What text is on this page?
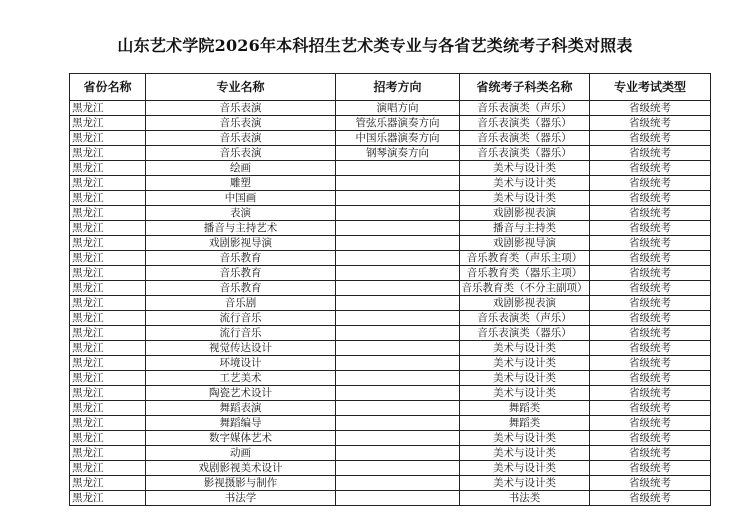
山东艺术学院2026年本科招生艺术类专业与各省艺类统考子科类对照表
省份名称	专业名称	招考方向	省统考子科类名称	专业考试类型
黑龙江	音乐表演	演唱方向	音乐表演类（声乐）	省级统考
黑龙江	音乐表演	管弦乐器演奏方向	音乐表演类（器乐）	省级统考
黑龙江	音乐表演	中国乐器演奏方向	音乐表演类（器乐）	省级统考
黑龙江	音乐表演	钢琴演奏方向	音乐表演类（器乐）	省级统考
黑龙江	绘画		美术与设计类	省级统考
黑龙江	雕塑		美术与设计类	省级统考
黑龙江	中国画		美术与设计类	省级统考
黑龙江	表演		戏剧影视表演	省级统考
黑龙江	播音与主持艺术		播音与主持类	省级统考
黑龙江	戏剧影视导演		戏剧影视导演	省级统考
黑龙江	音乐教育		音乐教育类（声乐主项）	省级统考
黑龙江	音乐教育		音乐教育类（器乐主项）	省级统考
黑龙江	音乐教育		音乐教育类（不分主副项）	省级统考
黑龙江	音乐剧		戏剧影视表演	省级统考
黑龙江	流行音乐		音乐表演类（声乐）	省级统考
黑龙江	流行音乐		音乐表演类（器乐）	省级统考
黑龙江	视觉传达设计		美术与设计类	省级统考
黑龙江	环境设计		美术与设计类	省级统考
黑龙江	工艺美术		美术与设计类	省级统考
黑龙江	陶瓷艺术设计		美术与设计类	省级统考
黑龙江	舞蹈表演		舞蹈类	省级统考
黑龙江	舞蹈编导		舞蹈类	省级统考
黑龙江	数字媒体艺术		美术与设计类	省级统考
黑龙江	动画		美术与设计类	省级统考
黑龙江	戏剧影视美术设计		美术与设计类	省级统考
黑龙江	影视摄影与制作		美术与设计类	省级统考
黑龙江	书法学		书法类	省级统考
